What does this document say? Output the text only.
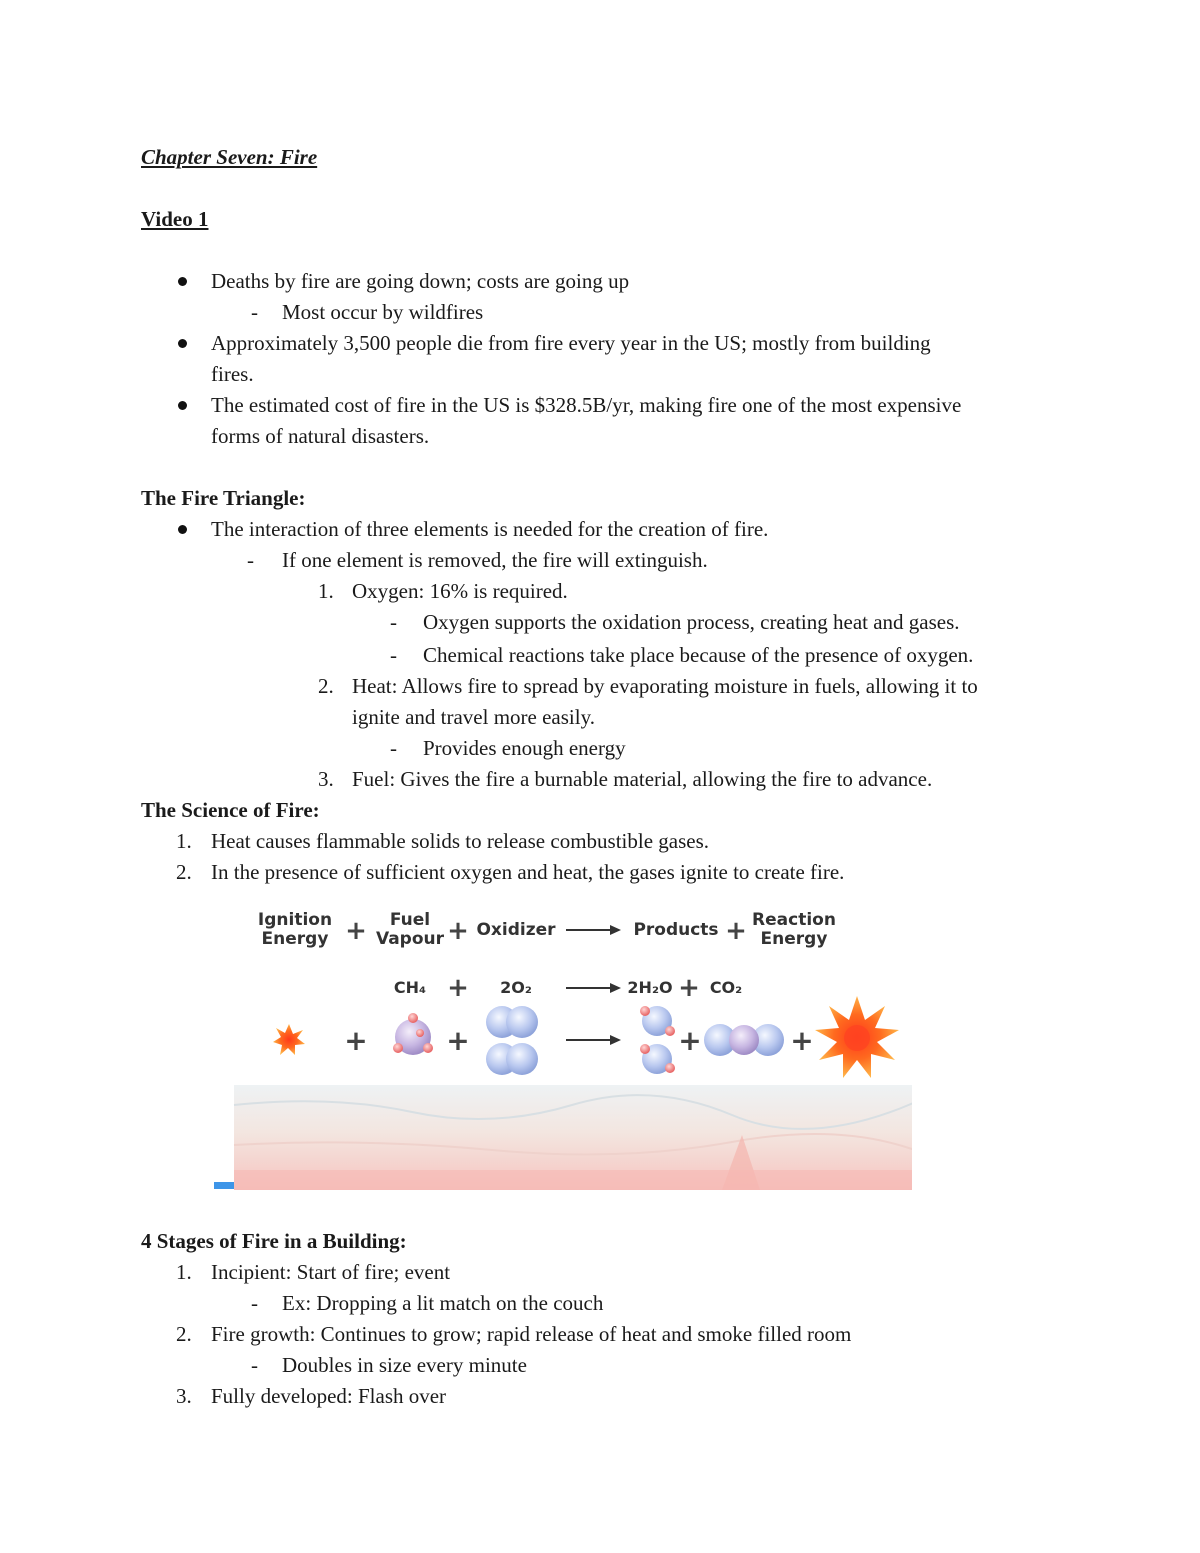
Chapter Seven: Fire
Video 1
Deaths by fire are going down; costs are going up
- Most occur by wildfires
Approximately 3,500 people die from fire every year in the US; mostly from building
fires.
The estimated cost of fire in the US is $328.5B/yr, making fire one of the most expensive
forms of natural disasters.
The Fire Triangle:
The interaction of three elements is needed for the creation of fire.
- If one element is removed, the fire will extinguish.
1. Oxygen: 16% is required.
- Oxygen supports the oxidation process, creating heat and gases.
- Chemical reactions take place because of the presence of oxygen.
2. Heat: Allows fire to spread by evaporating moisture in fuels, allowing it to
ignite and travel more easily.
- Provides enough energy
3. Fuel: Gives the fire a burnable material, allowing the fire to advance.
The Science of Fire:
1. Heat causes flammable solids to release combustible gases.
2. In the presence of sufficient oxygen and heat, the gases ignite to create fire.
Ignition
Energy + Fuel
Vapour + Oxidizer	Products + Reaction
Energy
CH₄ + 2O₂	2H₂O + CO₂
+	+	+	+
4 Stages of Fire in a Building:
1. Incipient: Start of fire; event
- Ex: Dropping a lit match on the couch
2. Fire growth: Continues to grow; rapid release of heat and smoke filled room
- Doubles in size every minute
3. Fully developed: Flash over
